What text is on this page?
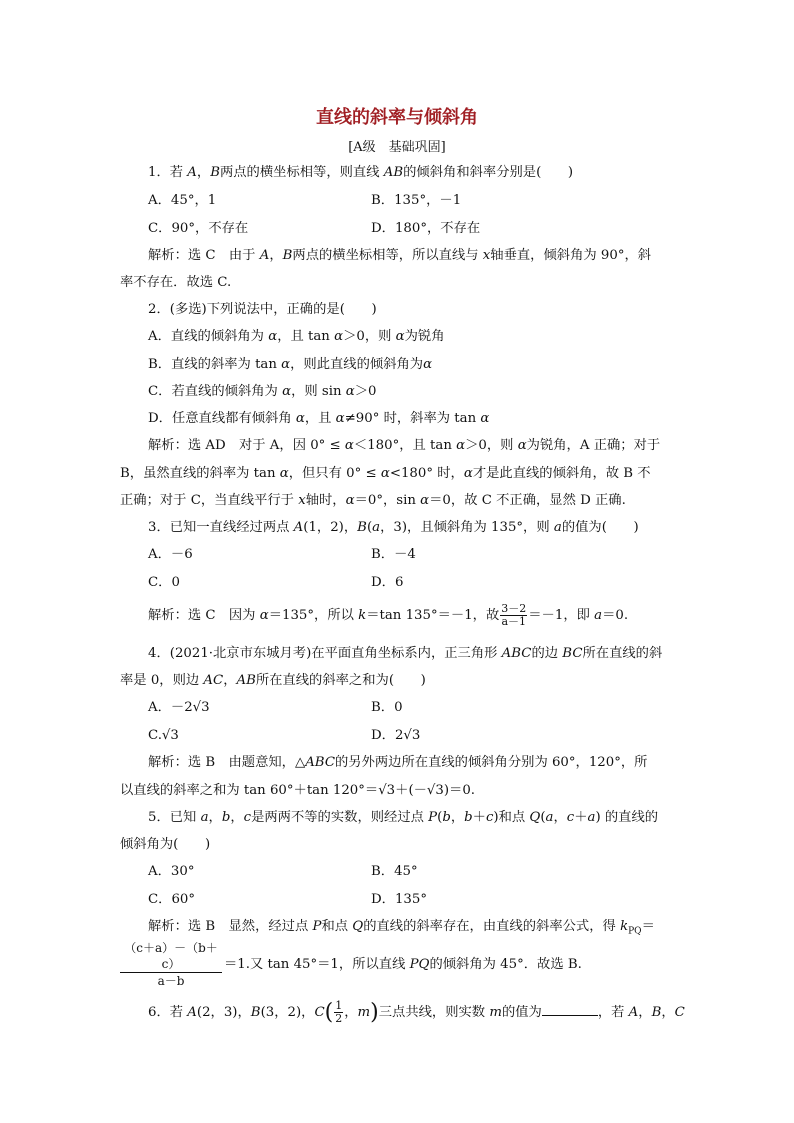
直线的斜率与倾斜角
[A级　基础巩固]
1．若 A，B两点的横坐标相等，则直线 AB的倾斜角和斜率分别是(　　)
A．45°，1	B．135°，－1
C．90°，不存在	D．180°，不存在
解析：选 C　由于 A，B两点的横坐标相等，所以直线与 x轴垂直，倾斜角为 90°，斜
率不存在．故选 C.
2．(多选)下列说法中，正确的是(　　)
A．直线的倾斜角为 α，且 tan α＞0，则 α为锐角
B．直线的斜率为 tan α，则此直线的倾斜角为α
C．若直线的倾斜角为 α，则 sin α＞0
D．任意直线都有倾斜角 α，且 α≠90° 时，斜率为 tan α
解析：选 AD　对于 A，因 0° ≤ α＜180°，且 tan α＞0，则 α为锐角，A 正确；对于
B，虽然直线的斜率为 tan α，但只有 0° ≤ α<180° 时，α才是此直线的倾斜角，故 B 不
正确；对于 C，当直线平行于 x轴时，α＝0°，sin α＝0，故 C 不正确，显然 D 正确.
3．已知一直线经过两点 A(1，2)，B(a，3)，且倾斜角为 135°，则 a的值为(　　)
A．－6	B．－4
C．0	D．6
解析：选 C　因为 α＝135°，所以 k＝tan 135°＝－1，故 $\frac{3-2}{a-1} =-1$，即 a＝0.
4．(2021·北京市东城月考)在平面直角坐标系内，正三角形 ABC的边 BC所在直线的斜
率是 0，则边 AC，AB所在直线的斜率之和为(　　)
A．－2√3	B．0
C.√3	D．2√3
解析：选 B　由题意知，△ABC的另外两边所在直线的倾斜角分别为 60°，120°，所
以直线的斜率之和为 tan 60°＋tan 120°＝√3＋(－√3)＝0.
5．已知 a，b，c是两两不等的实数，则经过点 P(b，b＋c)和点 Q(a，c＋a) 的直线的
倾斜角为(　　)
A．30°	B．45°
C．60°	D．135°
解析：选 B　显然，经过点 P和点 Q的直线的斜率存在，由直线的斜率公式，得 $k_{PQ}=$
$\frac{(c+a)-(b+c)}{a-b} =1$.又 tan 45°＝1，所以直线 PQ的倾斜角为 45°．故选 B.
6．若 A(2，3)，B(3，2)，$C( \frac{1}{2}$ ，m)三点共线，则实数 m的值为	，若 A，B，C
